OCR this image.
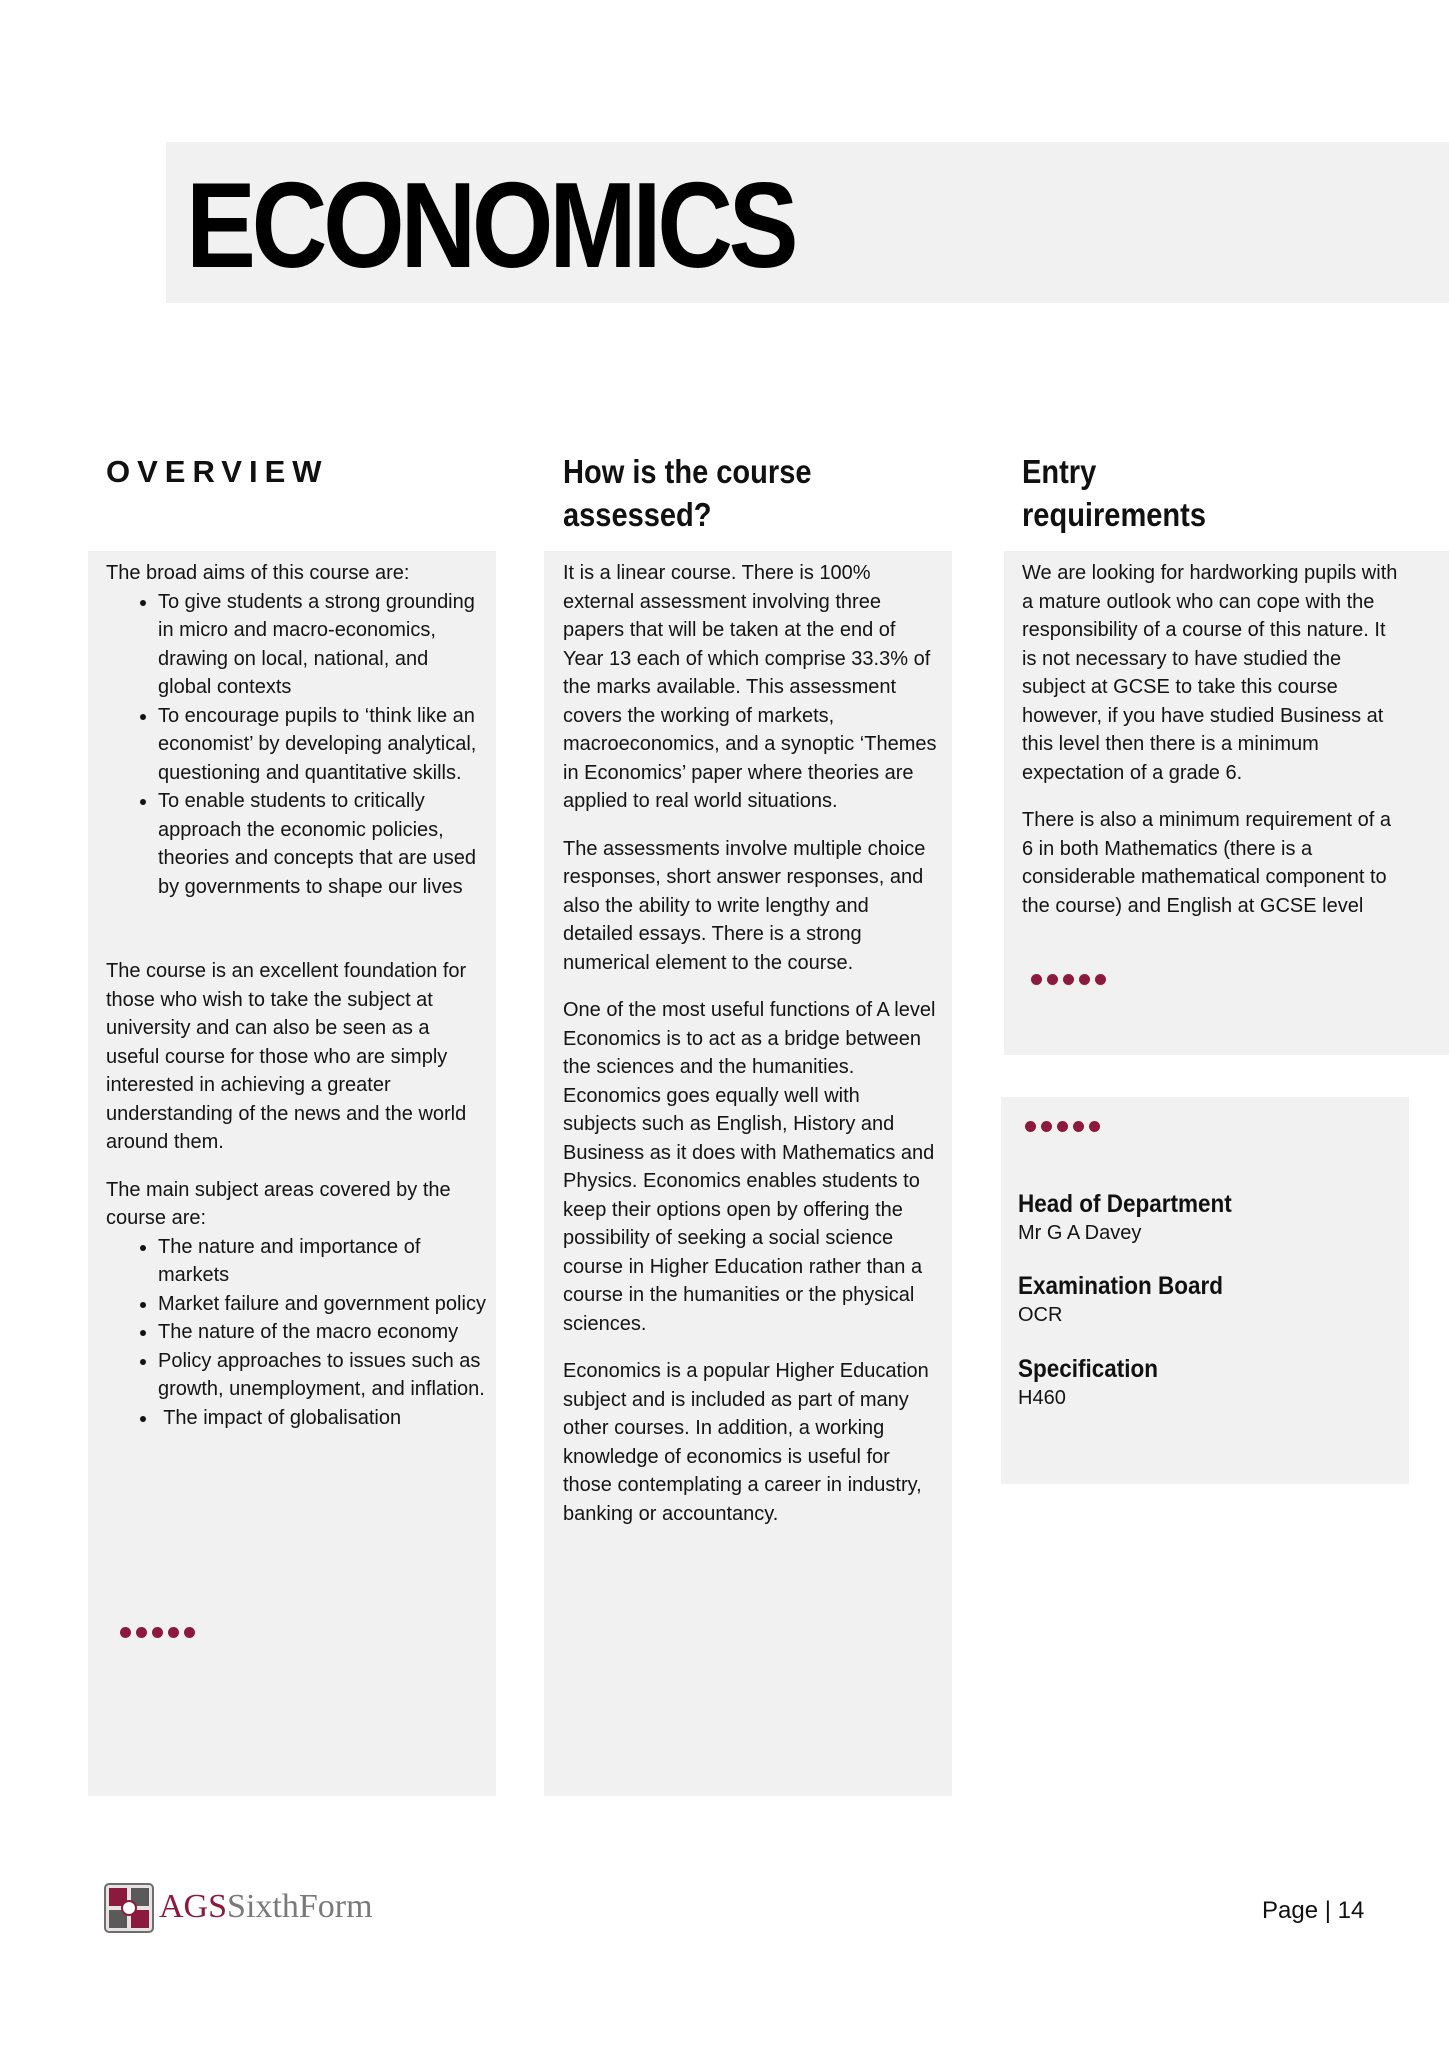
ECONOMICS
OVERVIEW	How is the course assessed?
Entry requirements
The broad aims of this course are:
• To give students a strong grounding in micro and macro-economics, drawing on local, national, and global contexts
• To encourage pupils to ‘think like an economist’ by developing analytical, questioning and quantitative skills.
• To enable students to critically approach the economic policies, theories and concepts that are used by governments to shape our lives

The course is an excellent foundation for those who wish to take the subject at university and can also be seen as a useful course for those who are simply interested in achieving a greater understanding of the news and the world around them.

The main subject areas covered by the course are:
• The nature and importance of markets
• Market failure and government policy
• The nature of the macro economy
• Policy approaches to issues such as growth, unemployment, and inflation.
•  The impact of globalisation

It is a linear course. There is 100% external assessment involving three papers that will be taken at the end of Year 13 each of which comprise 33.3% of the marks available. This assessment covers the working of markets, macroeconomics, and a synoptic ‘Themes in Economics’ paper where theories are applied to real world situations.

The assessments involve multiple choice responses, short answer responses, and also the ability to write lengthy and detailed essays. There is a strong numerical element to the course.

One of the most useful functions of A level Economics is to act as a bridge between the sciences and the humanities. Economics goes equally well with subjects such as English, History and Business as it does with Mathematics and Physics. Economics enables students to keep their options open by offering the possibility of seeking a social science course in Higher Education rather than a course in the humanities or the physical sciences.

Economics is a popular Higher Education subject and is included as part of many other courses. In addition, a working knowledge of economics is useful for those contemplating a career in industry, banking or accountancy.

We are looking for hardworking pupils with a mature outlook who can cope with the responsibility of a course of this nature. It is not necessary to have studied the subject at GCSE to take this course however, if you have studied Business at this level then there is a minimum expectation of a grade 6.

There is also a minimum requirement of a 6 in both Mathematics (there is a considerable mathematical component to the course) and English at GCSE level

Head of Department
Mr G A Davey
Examination Board
OCR
Specification
H460
AGSSixthForm	Page | 14
